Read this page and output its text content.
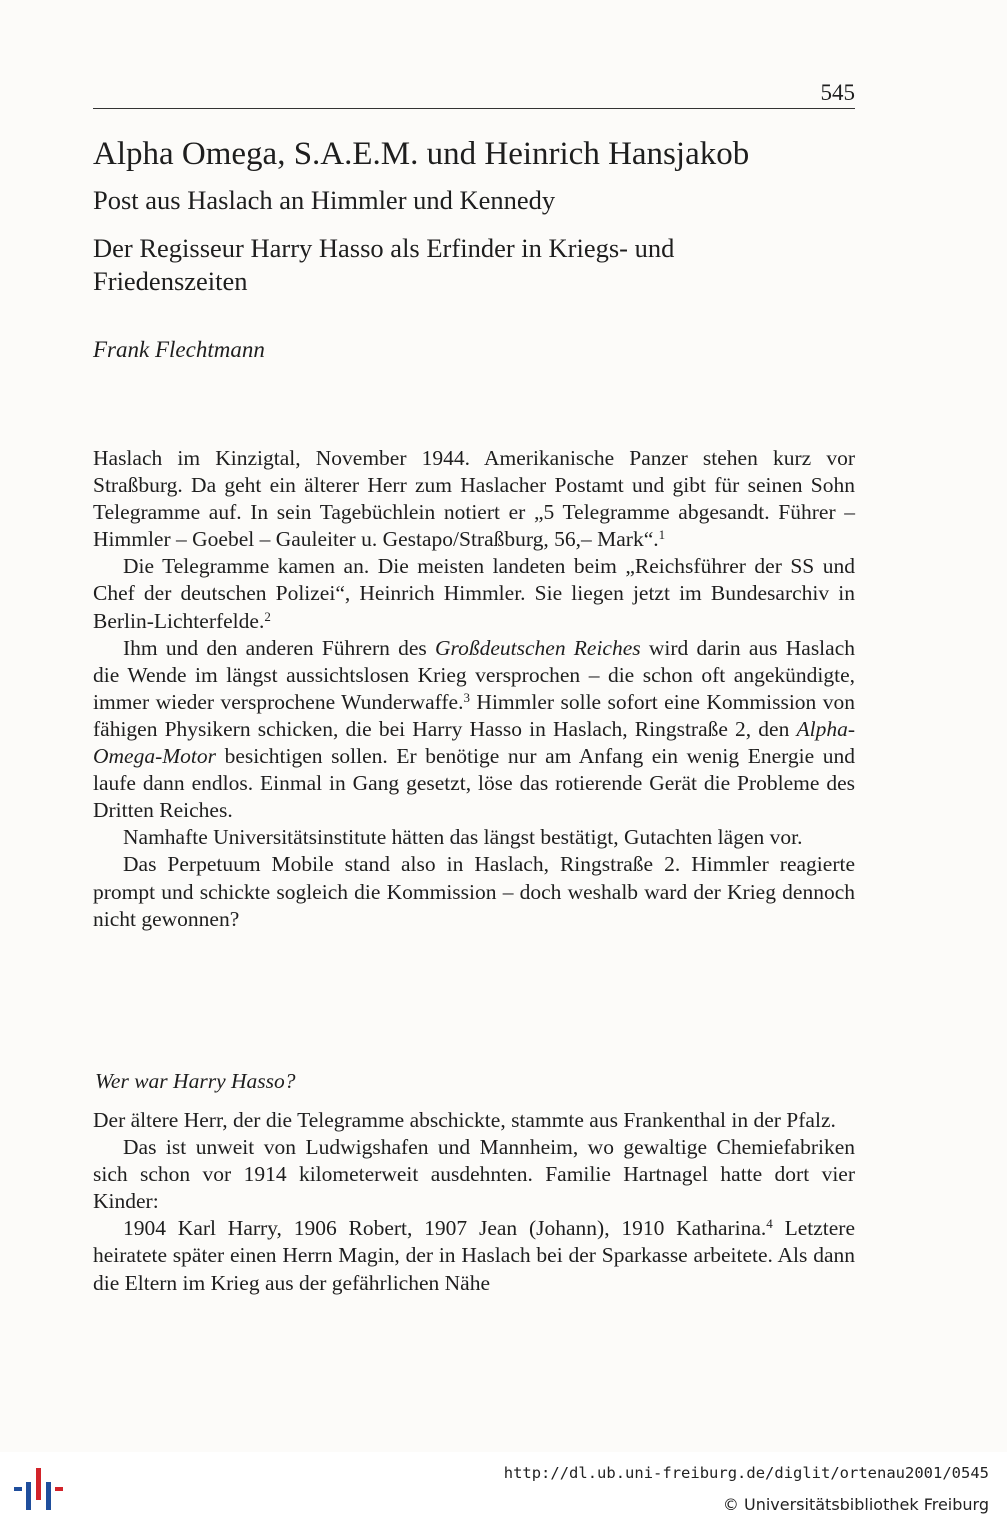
545
Alpha Omega, S.A.E.M. und Heinrich Hansjakob
Post aus Haslach an Himmler und Kennedy
Der Regisseur Harry Hasso als Erfinder in Kriegs- und Friedenszeiten
Frank Flechtmann

Haslach im Kinzigtal, November 1944. Amerikanische Panzer stehen kurz vor Straßburg. Da geht ein älterer Herr zum Haslacher Postamt und gibt für seinen Sohn Telegramme auf. In sein Tagebüchlein notiert er „5 Telegramme abgesandt. Führer – Himmler – Goebel – Gauleiter u. Gestapo/Straßburg, 56,– Mark“.$^1$

Die Telegramme kamen an. Die meisten landeten beim „Reichsführer der SS und Chef der deutschen Polizei“, Heinrich Himmler. Sie liegen jetzt im Bundesarchiv in Berlin-Lichterfelde.$^2$

Ihm und den anderen Führern des Großdeutschen Reiches wird darin aus Haslach die Wende im längst aussichtslosen Krieg versprochen – die schon oft angekündigte, immer wieder versprochene Wunderwaffe.$^3$ Himmler solle sofort eine Kommission von fähigen Physikern schicken, die bei Harry Hasso in Haslach, Ringstraße 2, den Alpha-Omega-Motor besichtigen sollen. Er benötige nur am Anfang ein wenig Energie und laufe dann endlos. Einmal in Gang gesetzt, löse das rotierende Gerät die Probleme des Dritten Reiches.

Namhafte Universitätsinstitute hätten das längst bestätigt, Gutachten lägen vor.

Das Perpetuum Mobile stand also in Haslach, Ringstraße 2. Himmler reagierte prompt und schickte sogleich die Kommission – doch weshalb ward der Krieg dennoch nicht gewonnen?

Wer war Harry Hasso?

Der ältere Herr, der die Telegramme abschickte, stammte aus Frankenthal in der Pfalz.

Das ist unweit von Ludwigshafen und Mannheim, wo gewaltige Chemiefabriken sich schon vor 1914 kilometerweit ausdehnten. Familie Hartnagel hatte dort vier Kinder:

1904 Karl Harry, 1906 Robert, 1907 Jean (Johann), 1910 Katharina.$^4$ Letztere heiratete später einen Herrn Magin, der in Haslach bei der Sparkasse arbeitete. Als dann die Eltern im Krieg aus der gefährlichen Nähe

http://dl.ub.uni-freiburg.de/diglit/ortenau2001/0545
© Universitätsbibliothek Freiburg
